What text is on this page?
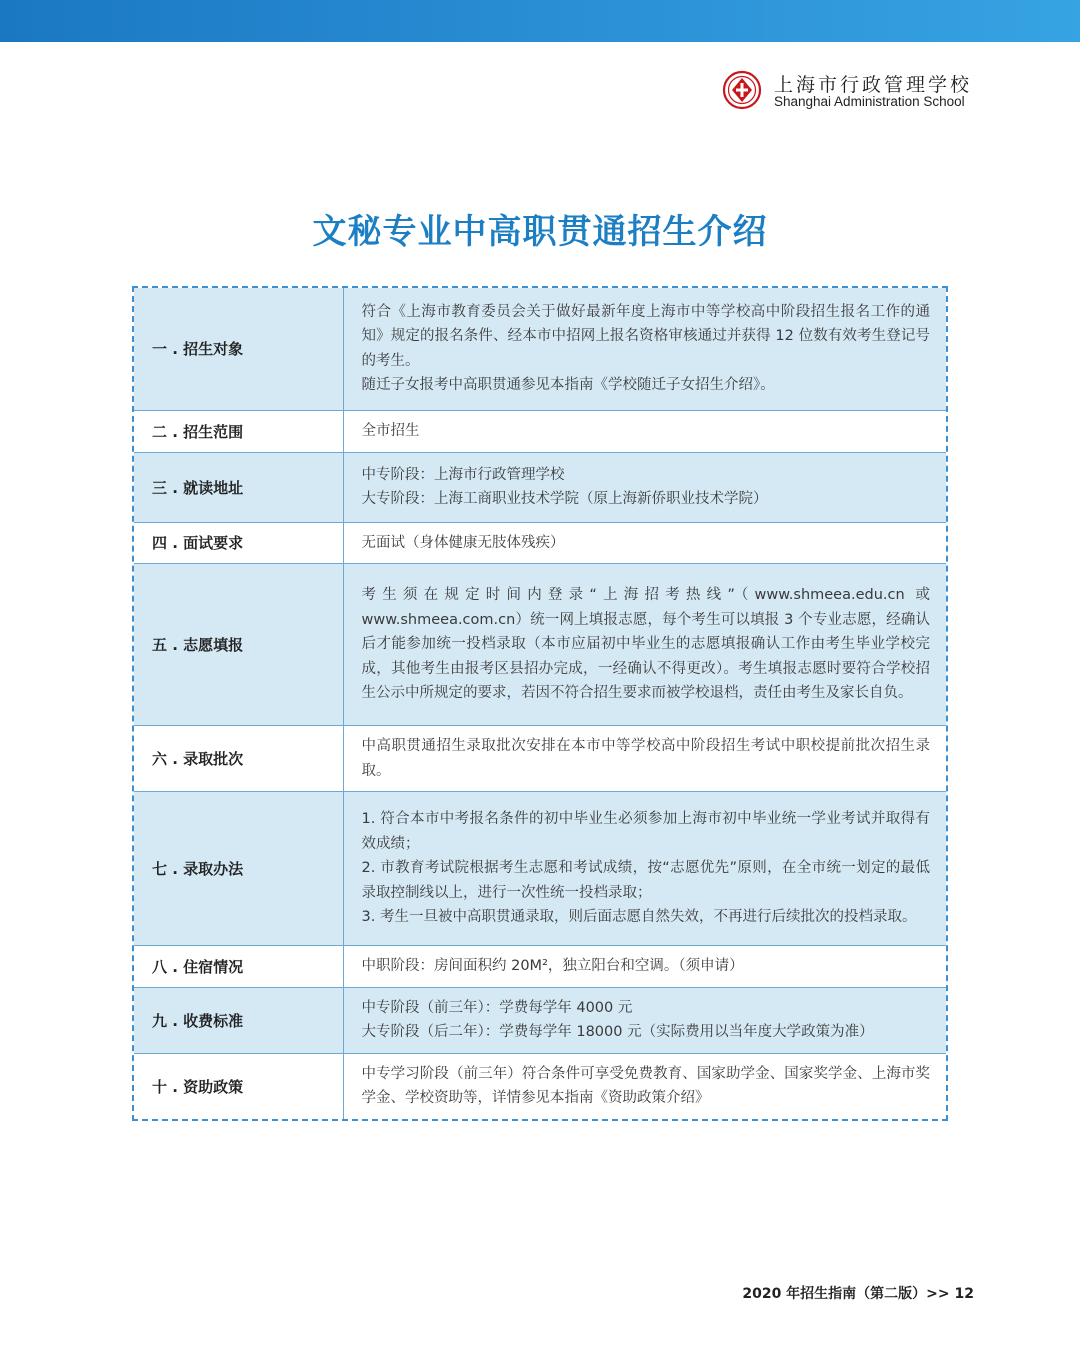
上海市行政管理学校
Shanghai Administration School
文秘专业中高职贯通招生介绍
一 . 招生对象	符合《上海市教育委员会关于做好最新年度上海市中等学校高中阶段招生报名工作的通知》规定的报名条件、经本市中招网上报名资格审核通过并获得 12 位数有效考生登记号的考生。
随迁子女报考中高职贯通参见本指南《学校随迁子女招生介绍》。

二 . 招生范围	全市招生

三 . 就读地址	中专阶段：上海市行政管理学校
大专阶段：上海工商职业技术学院（原上海新侨职业技术学院）

四 . 面试要求	无面试（身体健康无肢体残疾）

五 . 志愿填报	考生须在规定时间内登录“上海招考热线”（www.shmeea.edu.cn 或 www.shmeea.com.cn）统一网上填报志愿，每个考生可以填报 3 个专业志愿，经确认后才能参加统一投档录取（本市应届初中毕业生的志愿填报确认工作由考生毕业学校完成，其他考生由报考区县招办完成，一经确认不得更改）。考生填报志愿时要符合学校招生公示中所规定的要求，若因不符合招生要求而被学校退档，责任由考生及家长自负。

六 . 录取批次	中高职贯通招生录取批次安排在本市中等学校高中阶段招生考试中职校提前批次招生录取。

七 . 录取办法	1. 符合本市中考报名条件的初中毕业生必须参加上海市初中毕业统一学业考试并取得有效成绩；
2. 市教育考试院根据考生志愿和考试成绩，按“志愿优先”原则，在全市统一划定的最低录取控制线以上，进行一次性统一投档录取；
3. 考生一旦被中高职贯通录取，则后面志愿自然失效，不再进行后续批次的投档录取。

八 . 住宿情况	中职阶段：房间面积约 20M²，独立阳台和空调。（须申请）

九 . 收费标准	中专阶段（前三年）：学费每学年 4000 元
大专阶段（后二年）：学费每学年 18000 元（实际费用以当年度大学政策为准）

十 . 资助政策	中专学习阶段（前三年）符合条件可享受免费教育、国家助学金、国家奖学金、上海市奖学金、学校资助等，详情参见本指南《资助政策介绍》
2020 年招生指南（第二版）>> 12
